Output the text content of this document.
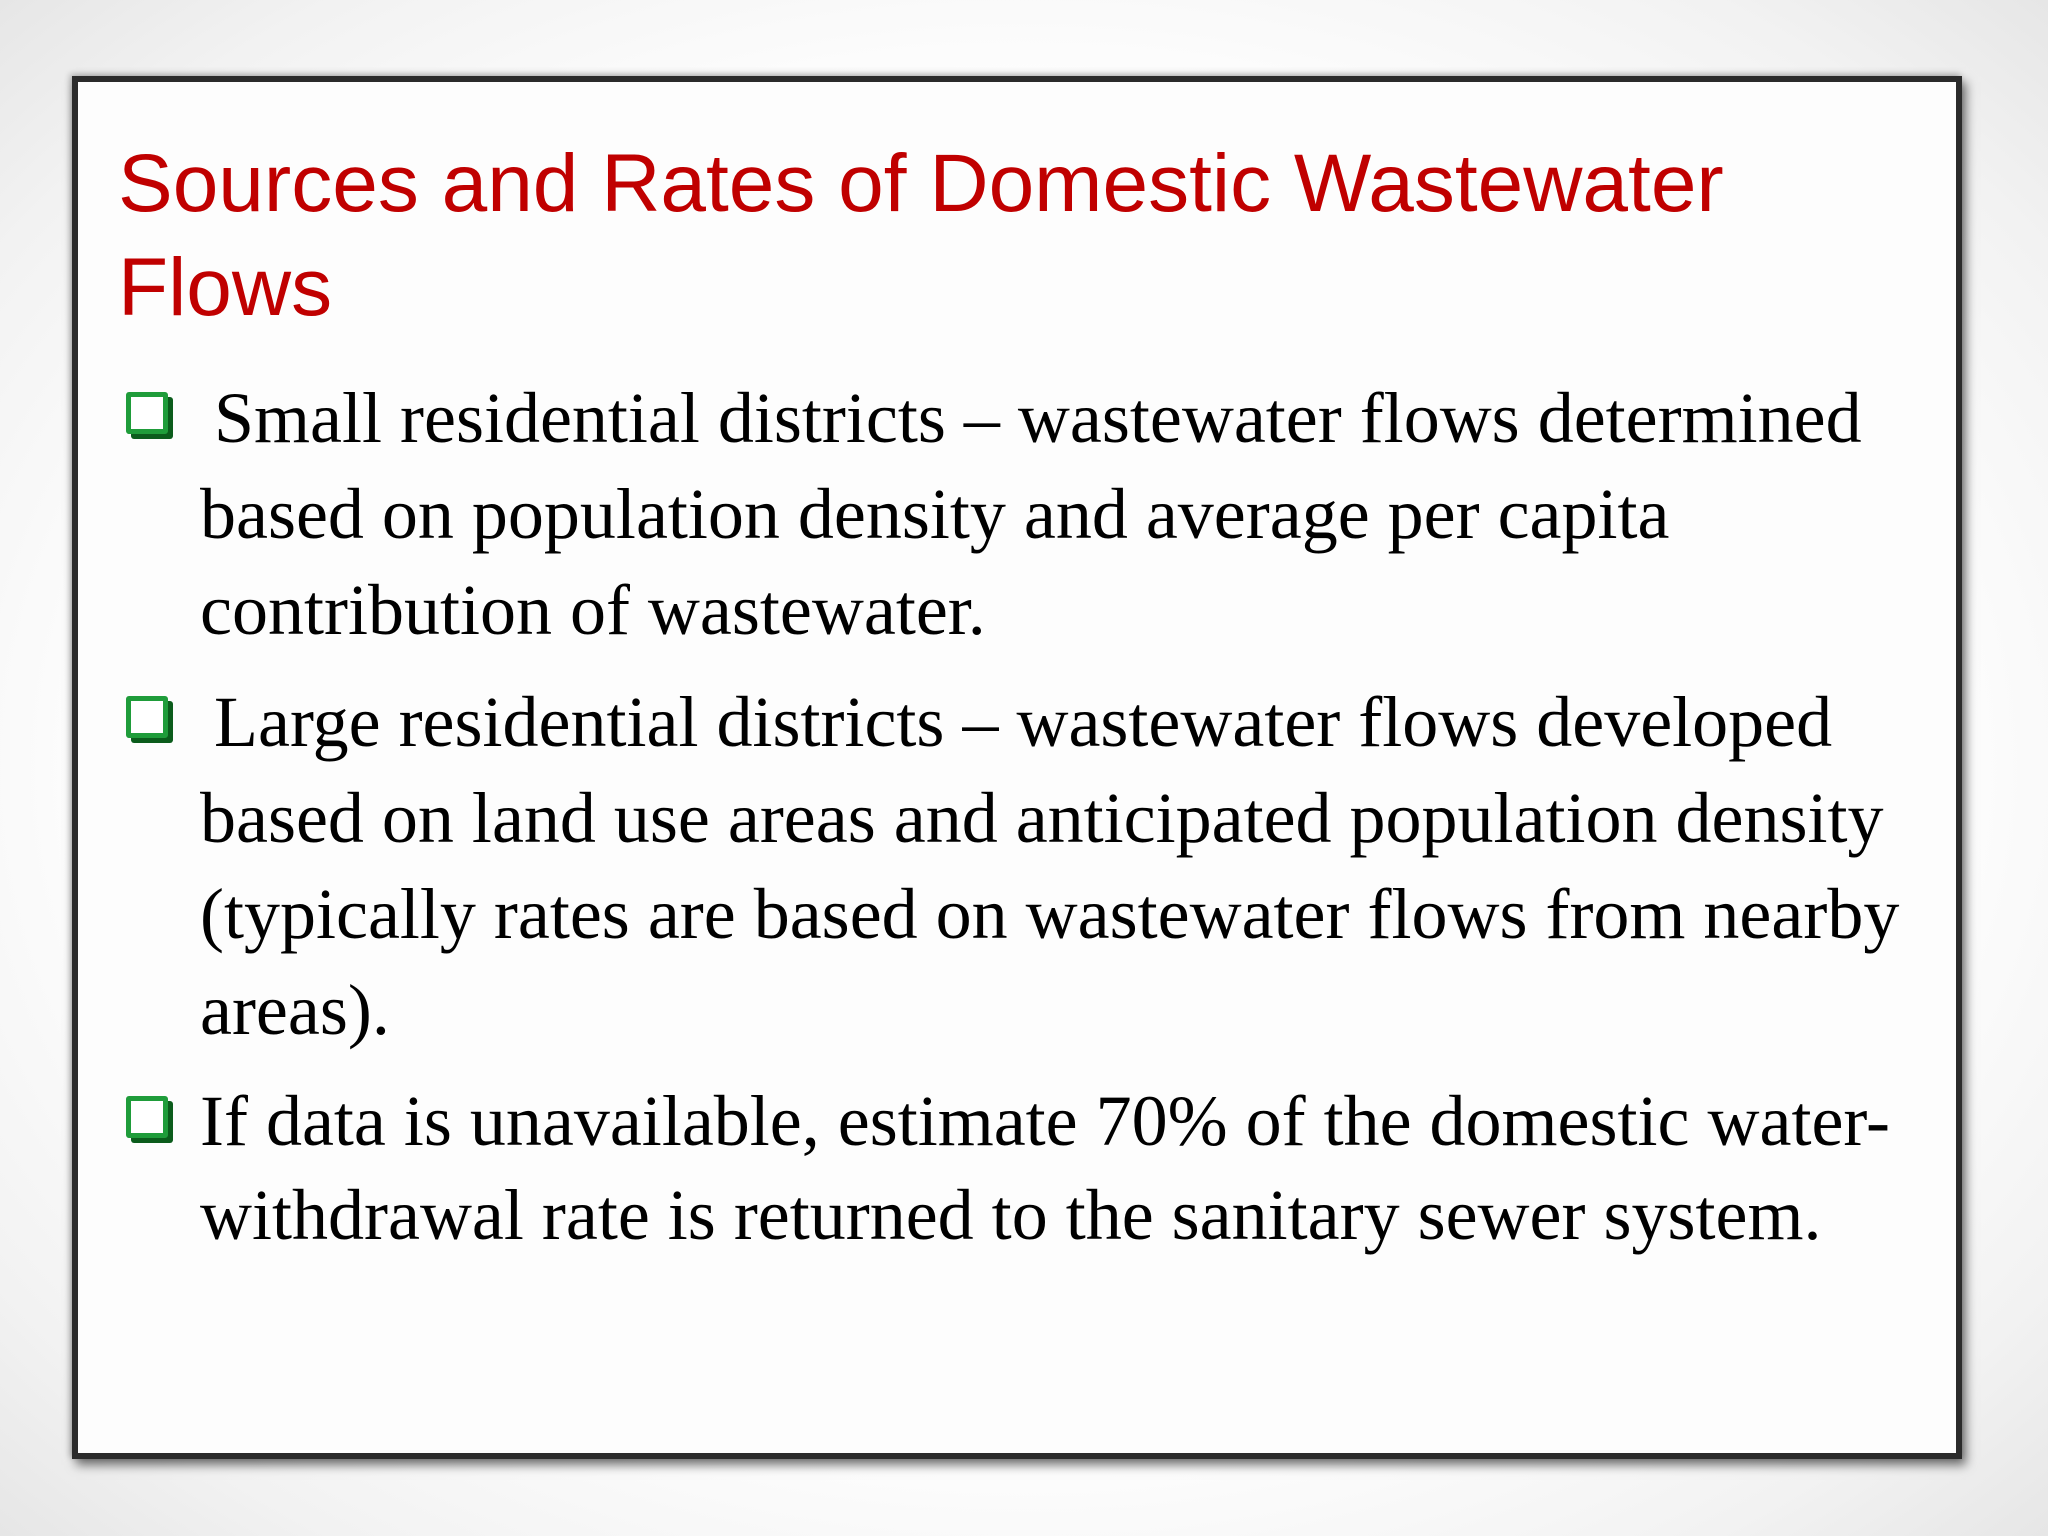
Sources and Rates of Domestic Wastewater Flows
Small residential districts – wastewater flows determined based on population density and average per capita contribution of wastewater.
Large residential districts – wastewater flows developed based on land use areas and anticipated population density (typically rates are based on wastewater flows from nearby areas).
If data is unavailable, estimate 70% of the domestic water-withdrawal rate is returned to the sanitary sewer system.
